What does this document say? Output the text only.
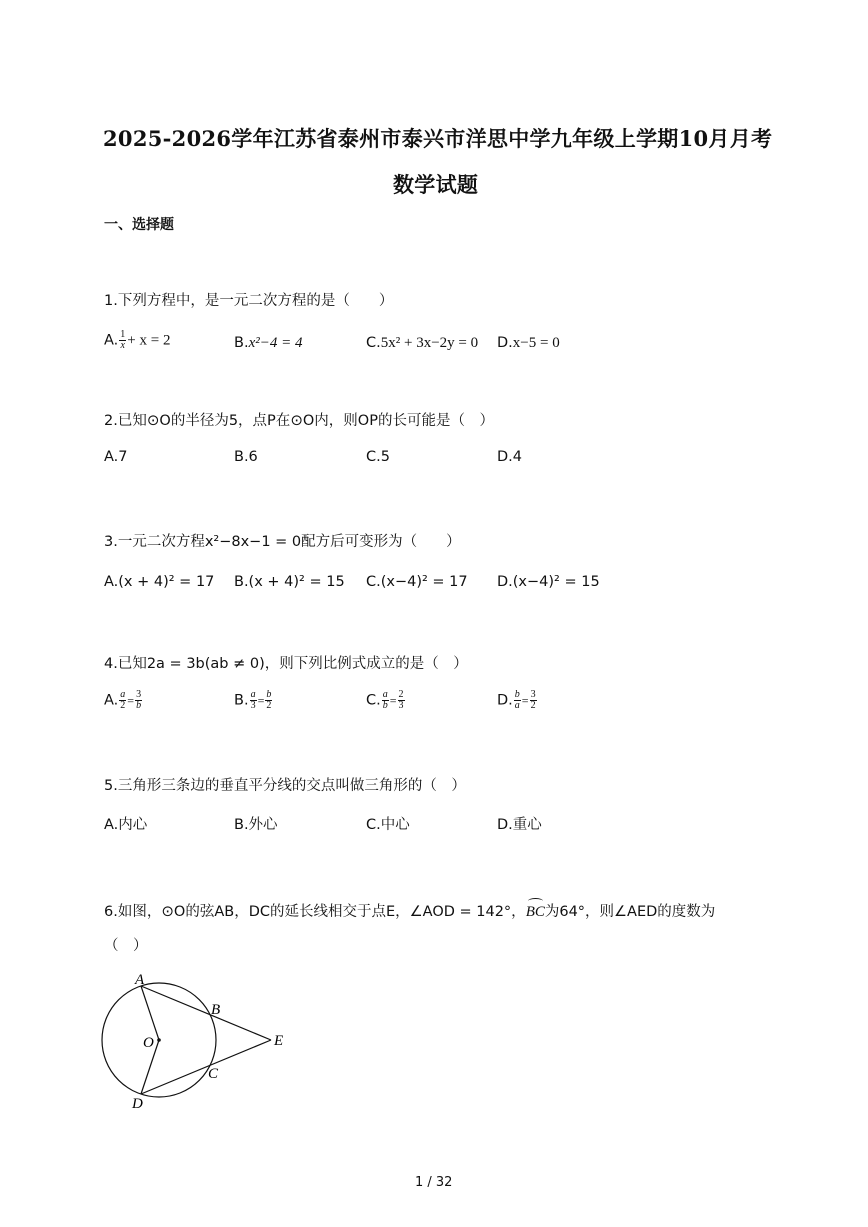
2025-2026学年江苏省泰州市泰兴市洋思中学九年级上学期10月月考
数学试题
一、选择题
1.下列方程中，是一元二次方程的是（　　）
A. $\frac{1}{x} + x = 2$	B.x²−4 = 4	C.5x² + 3x−2y = 0 D.x−5 = 0
2.已知⊙O的半径为5，点P在⊙O内，则OP的长可能是（　）
A.7	B.6	C.5	D.4
3.一元二次方程x²−8x−1 = 0配方后可变形为（　　）
A.(x + 4)² = 17 B.(x + 4)² = 15 C.(x−4)² = 17 D.(x−4)² = 15
4.已知2a = 3b(ab ≠ 0)，则下列比例式成立的是（　）
A. $\frac{a}{2} = \frac{3}{b}$	B. $\frac{a}{3} = \frac{b}{2}$	C. $\frac{a}{b} = \frac{2}{3}$	D. $\frac{b}{a} = \frac{3}{2}$
5.三角形三条边的垂直平分线的交点叫做三角形的（　）
A.内心	B.外心	C.中心	D.重心
6.如图，⊙O的弦AB，DC的延长线相交于点E，∠AOD = 142°，
BC为64°，则∠AED的度数为
（　）
A
B
C
D
E
O
1 / 32
